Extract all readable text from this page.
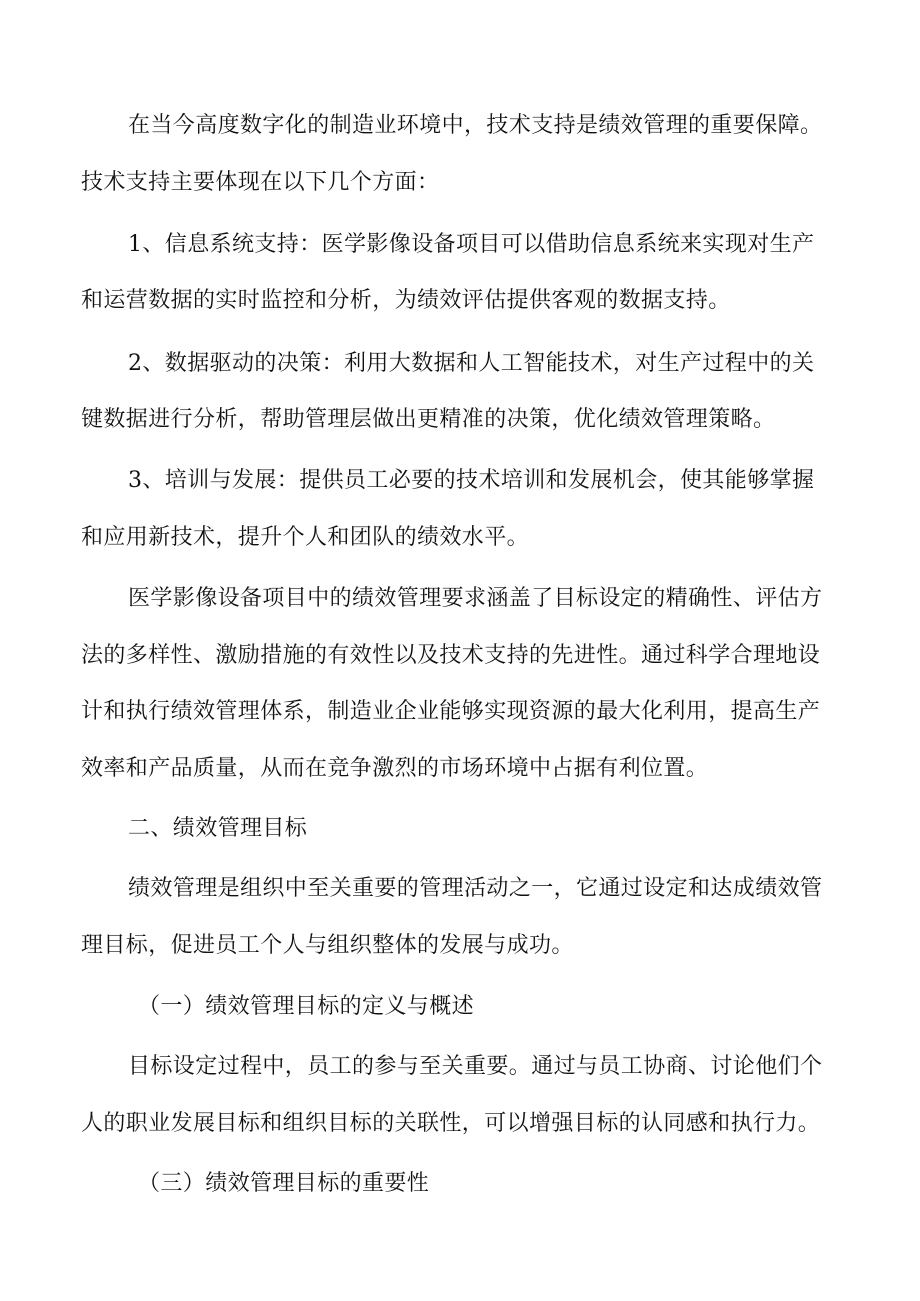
在当今高度数字化的制造业环境中，技术支持是绩效管理的重要保障。
技术支持主要体现在以下几个方面：
1、信息系统支持：医学影像设备项目可以借助信息系统来实现对生产
和运营数据的实时监控和分析，为绩效评估提供客观的数据支持。
2、数据驱动的决策：利用大数据和人工智能技术，对生产过程中的关
键数据进行分析，帮助管理层做出更精准的决策，优化绩效管理策略。
3、培训与发展：提供员工必要的技术培训和发展机会，使其能够掌握
和应用新技术，提升个人和团队的绩效水平。
医学影像设备项目中的绩效管理要求涵盖了目标设定的精确性、评估方
法的多样性、激励措施的有效性以及技术支持的先进性。通过科学合理地设
计和执行绩效管理体系，制造业企业能够实现资源的最大化利用，提高生产
效率和产品质量，从而在竞争激烈的市场环境中占据有利位置。
二、绩效管理目标
绩效管理是组织中至关重要的管理活动之一，它通过设定和达成绩效管
理目标，促进员工个人与组织整体的发展与成功。
（一）绩效管理目标的定义与概述
目标设定过程中，员工的参与至关重要。通过与员工协商、讨论他们个
人的职业发展目标和组织目标的关联性，可以增强目标的认同感和执行力。
（三）绩效管理目标的重要性
